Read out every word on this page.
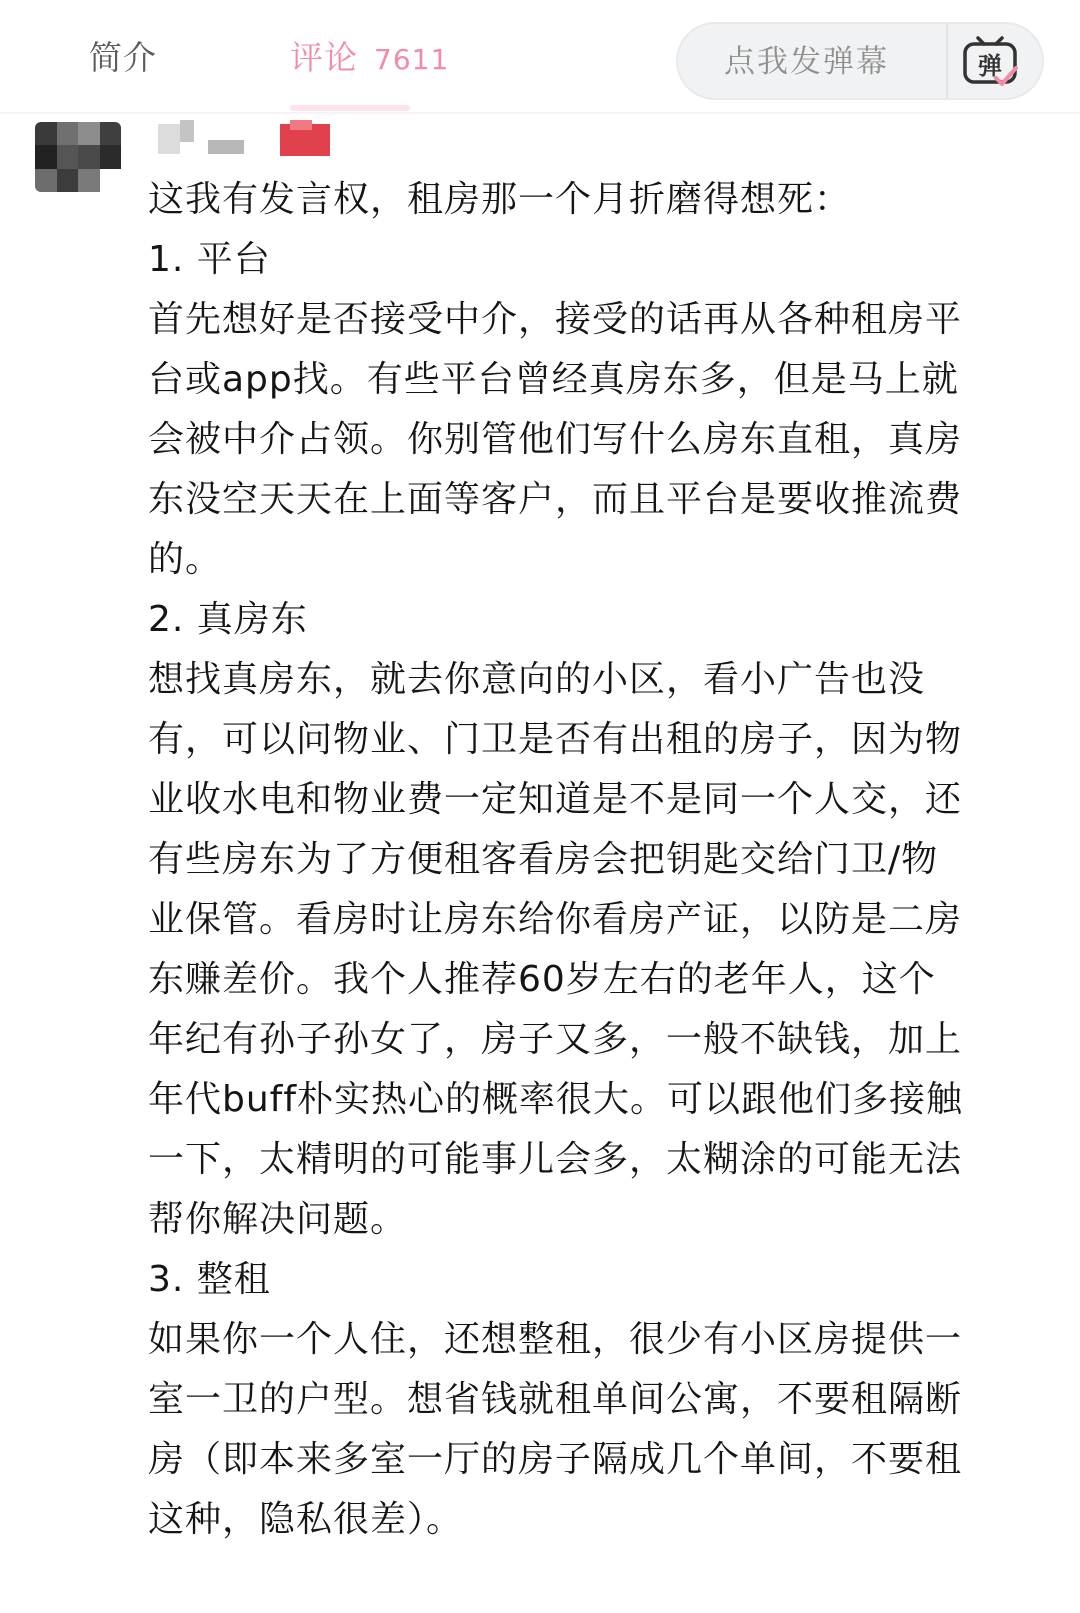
简介	评论 7611	点我发弹幕	弹
这我有发言权，租房那一个月折磨得想死：
1. 平台
首先想好是否接受中介，接受的话再从各种租房平
台或app找。有些平台曾经真房东多，但是马上就
会被中介占领。你别管他们写什么房东直租，真房
东没空天天在上面等客户，而且平台是要收推流费
的。
2. 真房东
想找真房东，就去你意向的小区，看小广告也没
有，可以问物业、门卫是否有出租的房子，因为物
业收水电和物业费一定知道是不是同一个人交，还
有些房东为了方便租客看房会把钥匙交给门卫/物
业保管。看房时让房东给你看房产证，以防是二房
东赚差价。我个人推荐60岁左右的老年人，这个
年纪有孙子孙女了，房子又多，一般不缺钱，加上
年代buff朴实热心的概率很大。可以跟他们多接触
一下，太精明的可能事儿会多，太糊涂的可能无法
帮你解决问题。
3. 整租
如果你一个人住，还想整租，很少有小区房提供一
室一卫的户型。想省钱就租单间公寓，不要租隔断
房（即本来多室一厅的房子隔成几个单间，不要租
这种，隐私很差）。
